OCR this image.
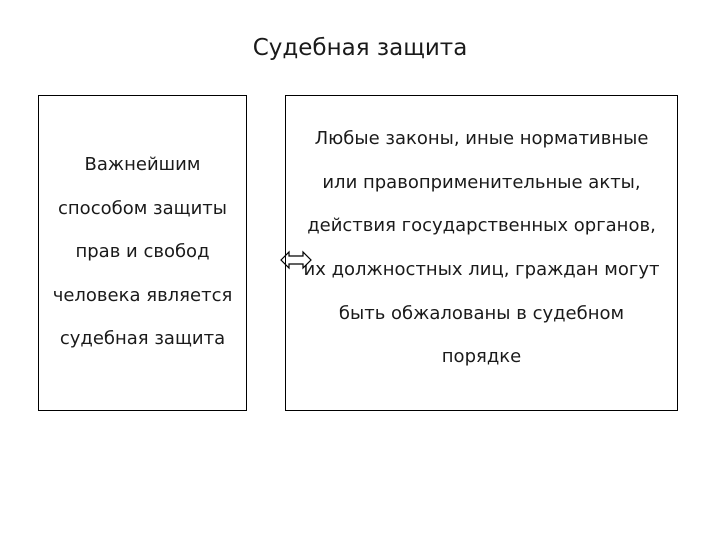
Судебная защита
Важнейшим
способом защиты
прав и свобод
человека является
судебная защита
Любые законы, иные нормативные
или правоприменительные акты,
действия государственных органов,
их должностных лиц, граждан могут
быть обжалованы в судебном
порядке
